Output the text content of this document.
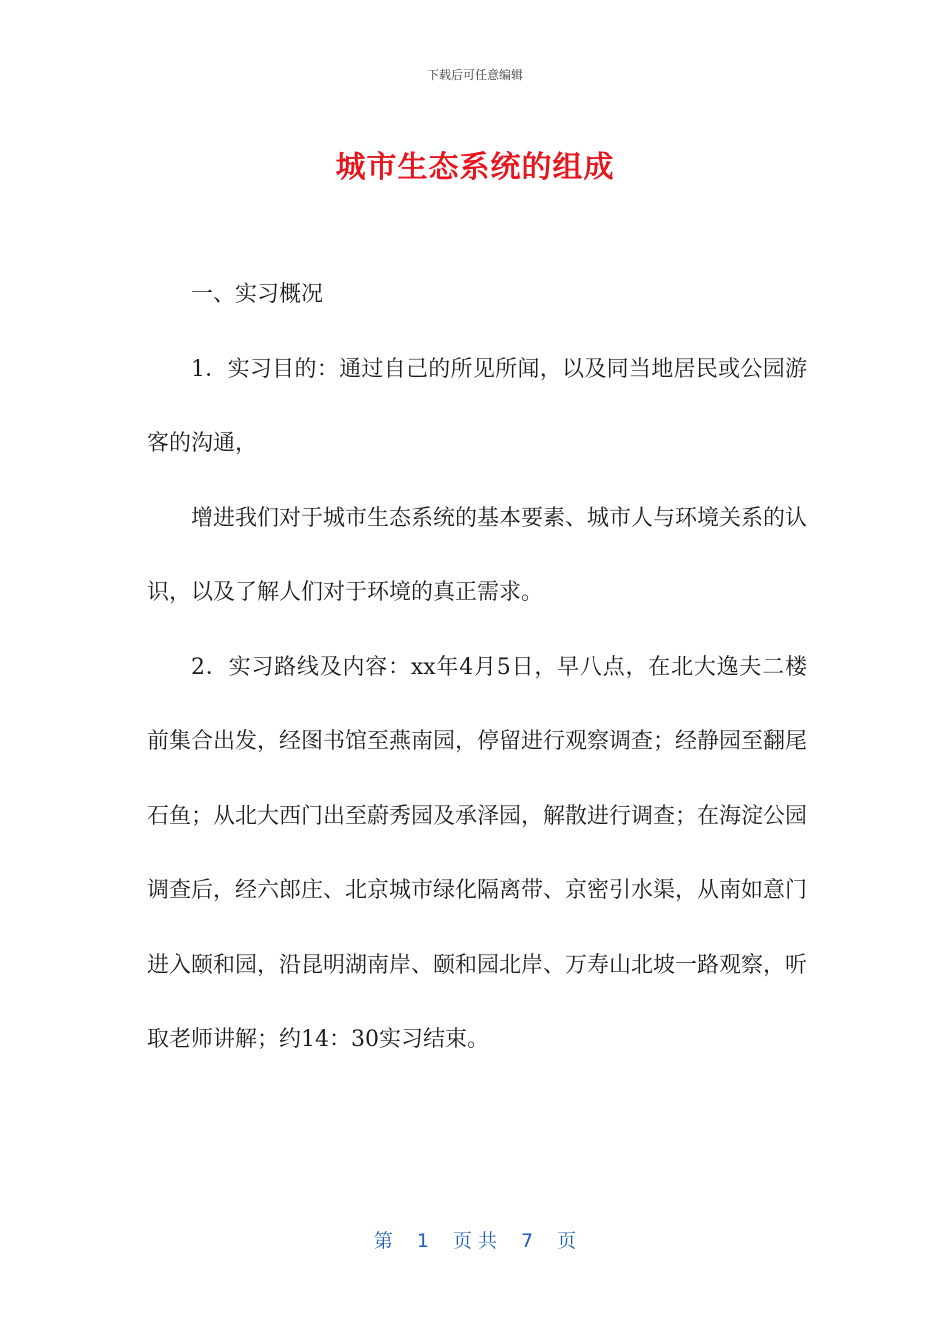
下载后可任意编辑
城市生态系统的组成

一、实习概况

1．实习目的：通过自己的所见所闻，以及同当地居民或公园游客的沟通，

增进我们对于城市生态系统的基本要素、城市人与环境关系的认识，以及了解人们对于环境的真正需求。

2．实习路线及内容：xx年4月5日，早八点，在北大逸夫二楼前集合出发，经图书馆至燕南园，停留进行观察调查；经静园至翻尾石鱼；从北大西门出至蔚秀园及承泽园，解散进行调查；在海淀公园调查后，经六郎庄、北京城市绿化隔离带、京密引水渠，从南如意门进入颐和园，沿昆明湖南岸、颐和园北岸、万寿山北坡一路观察，听取老师讲解；约14：30实习结束。

第 1 页 共 7 页
